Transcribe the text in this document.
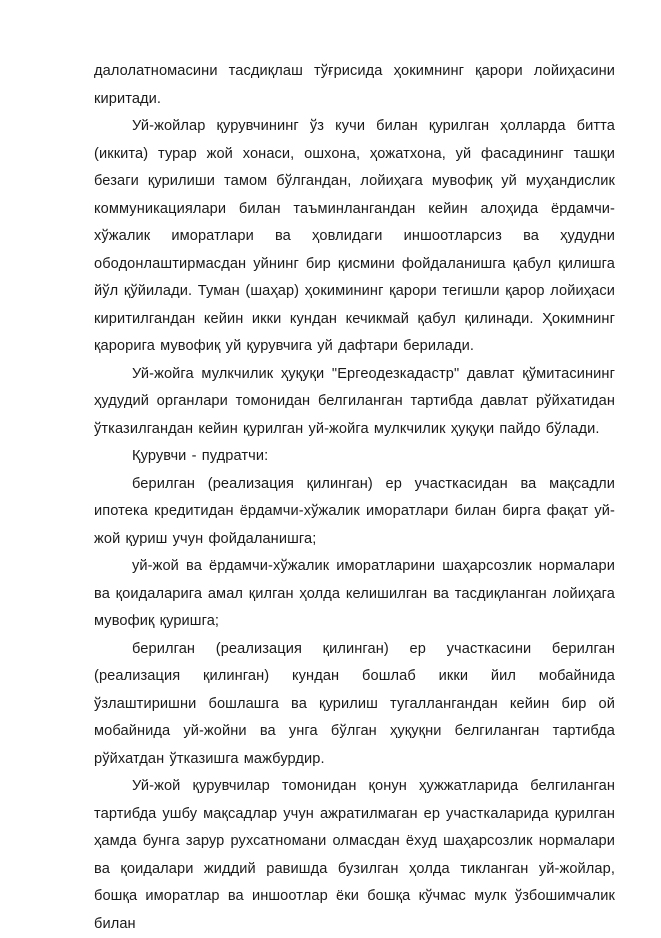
далолатномасини тасдиқлаш тўғрисида ҳокимнинг қарори лойиҳасини киритади.

Уй-жойлар қурувчининг ўз кучи билан қурилган ҳолларда битта (иккита) турар жой хонаси, ошхона, ҳожатхона, уй фасадининг ташқи безаги қурилиши тамом бўлгандан, лойиҳага мувофиқ уй муҳандислик коммуникациялари билан таъминлангандан кейин алоҳида ёрдамчи-хўжалик иморатлари ва ҳовлидаги иншоотларсиз ва ҳудудни ободонлаштирмасдан уйнинг бир қисмини фойдаланишга қабул қилишга йўл қўйилади. Туман (шаҳар) ҳокимининг қарори тегишли қарор лойиҳаси киритилгандан кейин икки кундан кечикмай қабул қилинади. Ҳокимнинг қарорига мувофиқ уй қурувчига уй дафтари берилади.

Уй-жойга мулкчилик ҳуқуқи "Ергеодезкадастр" давлат қўмитасининг ҳудудий органлари томонидан белгиланган тартибда давлат рўйхатидан ўтказилгандан кейин қурилган уй-жойга мулкчилик ҳуқуқи пайдо бўлади.

Қурувчи - пудратчи:

берилган (реализация қилинган) ер участкасидан ва мақсадли ипотека кредитидан ёрдамчи-хўжалик иморатлари билан бирга фақат уй-жой қуриш учун фойдаланишга;

уй-жой ва ёрдамчи-хўжалик иморатларини шаҳарсозлик нормалари ва қоидаларига амал қилган ҳолда келишилган ва тасдиқланган лойиҳага мувофиқ қуришга;

берилган (реализация қилинган) ер участкасини берилган (реализация қилинган) кундан бошлаб икки йил мобайнида ўзлаштиришни бошлашга ва қурилиш тугаллангандан кейин бир ой мобайнида уй-жойни ва унга бўлган ҳуқуқни белгиланган тартибда рўйхатдан ўтказишга мажбурдир.

Уй-жой қурувчилар томонидан қонун ҳужжатларида белгиланган тартибда ушбу мақсадлар учун ажратилмаган ер участкаларида қурилган ҳамда бунга зарур рухсатномани олмасдан ёхуд шаҳарсозлик нормалари ва қоидалари жиддий равишда бузилган ҳолда тикланган уй-жойлар, бошқа иморатлар ва иншоотлар ёки бошқа кўчмас мулк ўзбошимчалик билан
